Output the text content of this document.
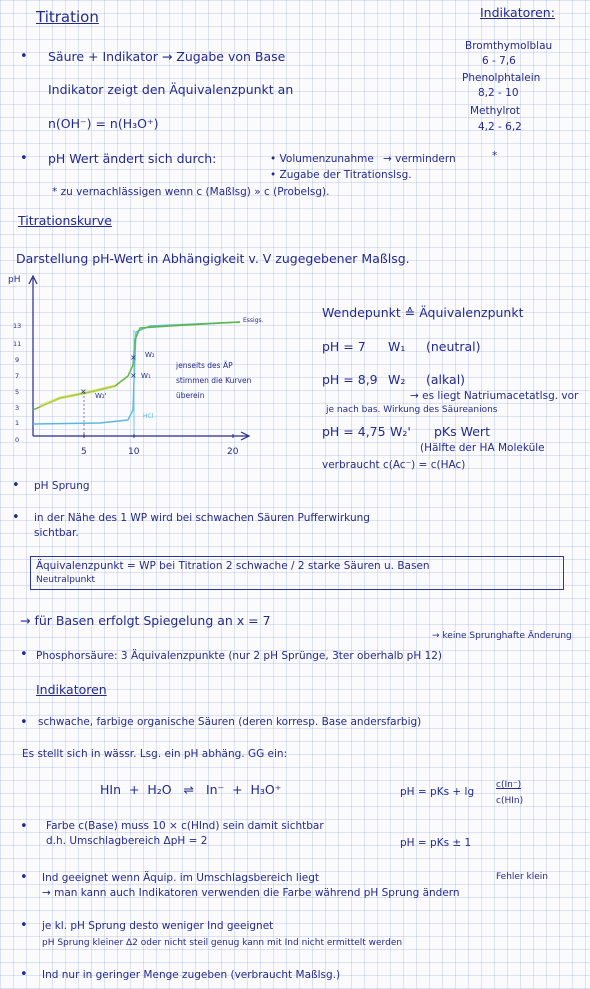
Titration	Indikatoren:
Bromthymolblau
6 - 7,6
Phenolphtalein
8,2 - 10
Methylrot
4,2 - 6,2
• Säure + Indikator → Zugabe von Base
Indikator zeigt den Äquivalenzpunkt an
n(OH⁻) = n(H₃O⁺)
• pH Wert ändert sich durch:	• Volumenzunahme → vermindern	*
• Zugabe der Titrationslsg.
* zu vernachlässigen wenn c (Maßlsg) » c (Probelsg).
Titrationskurve
Darstellung pH-Wert in Abhängigkeit v. V zugegebener Maßlsg.
pH
13
11
9
7
5
3
1
0
5	10	20
×
×
×
Essigs.
HCl
W₁
W₂
W₂'
jenseits des ÄP
stimmen die Kurven
überein
Wendepunkt ≙ Äquivalenzpunkt
pH = 7 W₁ (neutral)
pH = 8,9 W₂ (alkal)
→ es liegt Natriumacetatlsg. vor
je nach bas. Wirkung des Säureanions
pH = 4,75 W₂' pKs Wert
(Hälfte der HA Moleküle
verbraucht c(Ac⁻) = c(HAc)
• pH Sprung
• in der Nähe des 1 WP wird bei schwachen Säuren Pufferwirkung
sichtbar.
Äquivalenzpunkt = WP bei Titration 2 schwache / 2 starke Säuren u. Basen
Neutralpunkt
→ für Basen erfolgt Spiegelung an x = 7
→ keine Sprunghafte Änderung
• Phosphorsäure: 3 Äquivalenzpunkte (nur 2 pH Sprünge, 3ter oberhalb pH 12)
Indikatoren
• schwache, farbige organische Säuren (deren korresp. Base andersfarbig)
Es stellt sich in wässr. Lsg. ein pH abhäng. GG ein:
HIn  +  H₂O   ⇌   In⁻  +  H₃O⁺	pH = pKs + lg
c(In⁻)
c(HIn)
• Farbe c(Base) muss 10 × c(HInd) sein damit sichtbar
d.h. Umschlagbereich ΔpH = 2	pH = pKs ± 1
• Ind geeignet wenn Äquip. im Umschlagsbereich liegt	Fehler klein
→ man kann auch Indikatoren verwenden die Farbe während pH Sprung ändern
• je kl. pH Sprung desto weniger Ind geeignet
pH Sprung kleiner Δ2 oder nicht steil genug kann mit Ind nicht ermittelt werden
• Ind nur in geringer Menge zugeben (verbraucht Maßlsg.)
